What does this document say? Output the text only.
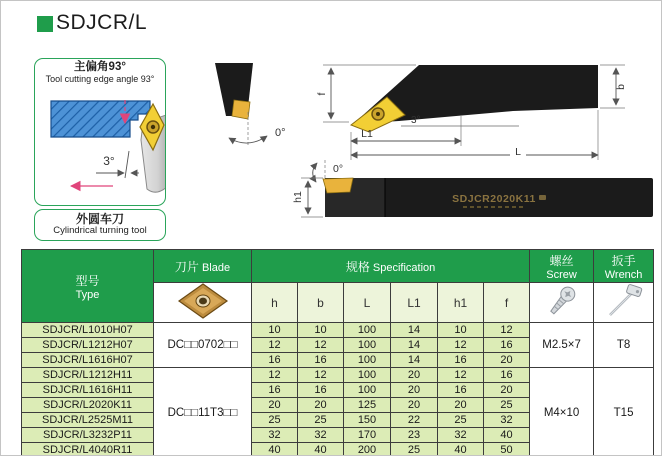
SDJCR/L
主偏角93°
Tool cutting edge angle 93°
3°
外圆车刀
Cylindrical turning tool
0°
f
3°
L1
L
b
0°
h1	SDJCR2020K11
型号
Type
	刀片 Blade	规格 Specification	螺丝
Screw

扳手
Wrench

	h	b	L	L1	h1	f		
SDJCR/L1010H07	DC□□0702□□	10	10	100	14	10	12	M2.5×7	T8
SDJCR/L1212H07		12	12	100	14	12	16		
SDJCR/L1616H07		16	16	100	14	16	20		
SDJCR/L1212H11	DC□□11T3□□	12	12	100	20	12	16	M4×10	T15
SDJCR/L1616H11		16	16	100	20	16	20		
SDJCR/L2020K11		20	20	125	20	20	25		
SDJCR/L2525M11		25	25	150	22	25	32		
SDJCR/L3232P11		32	32	170	23	32	40		
SDJCR/L4040R11		40	40	200	25	40	50		
